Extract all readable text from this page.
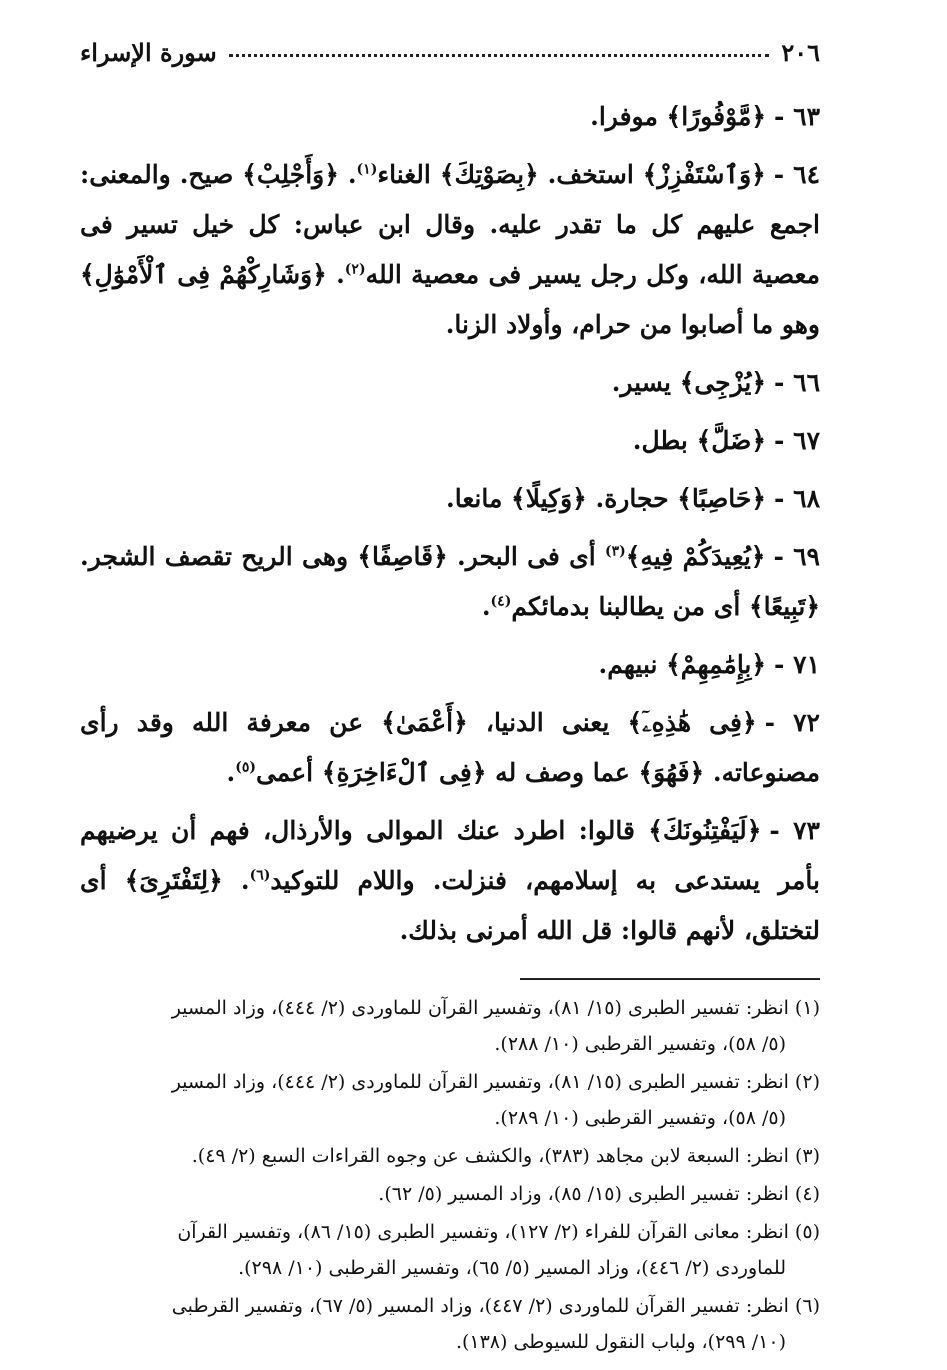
٢٠٦
سورة الإسراء
٦٣ -﴿مَّوْفُورًا﴾ موفرا.
٦٤ -﴿وَٱسْتَفْزِزْ﴾ استخف. ﴿بِصَوْتِكَ﴾ الغناء$^{(١)}$. ﴿وَأَجْلِبْ﴾ صيح. والمعنى: اجمع عليهم كل ما تقدر عليه. وقال ابن عباس: كل خيل تسير فى معصية الله، وكل رجل يسير فى معصية الله$^{(٢)}$. ﴿وَشَارِكْهُمْ فِى ٱلْأَمْوَٰلِ﴾ وهو ما أصابوا من حرام، وأولاد الزنا.
٦٦ -﴿يُزْجِى﴾ يسير.
٦٧ -﴿ضَلَّ﴾ بطل.
٦٨ -﴿حَاصِبًا﴾ حجارة. ﴿وَكِيلًا﴾ مانعا.
٦٩ -﴿يُعِيدَكُمْ فِيهِ﴾$^{(٣)}$ أى فى البحر. ﴿قَاصِفًا﴾ وهى الريح تقصف الشجر. ﴿تَبِيعًا﴾ أى من يطالبنا بدمائكم$^{(٤)}$.
٧١ -﴿بِإِمَٰمِهِمْ﴾ نبيهم.
٧٢ -﴿فِى هَٰذِهِۦٓ﴾ يعنى الدنيا، ﴿أَعْمَىٰ﴾ عن معرفة الله وقد رأى مصنوعاته. ﴿فَهُوَ﴾ عما وصف له ﴿فِى ٱلْءَاخِرَةِ﴾ أعمى$^{(٥)}$.
٧٣ -﴿لَيَفْتِنُونَكَ﴾ قالوا: اطرد عنك الموالى والأرذال، فهم أن يرضيهم بأمر يستدعى به إسلامهم، فنزلت. واللام للتوكيد$^{(٦)}$. ﴿لِتَفْتَرِىَ﴾ أى لتختلق، لأنهم قالوا: قل الله أمرنى بذلك.
(١) انظر: تفسير الطبرى (١٥/ ٨١)، وتفسير القرآن للماوردى (٢/ ٤٤٤)، وزاد المسير
(٥/ ٥٨)، وتفسير القرطبى (١٠/ ٢٨٨).
(٢) انظر: تفسير الطبرى (١٥/ ٨١)، وتفسير القرآن للماوردى (٢/ ٤٤٤)، وزاد المسير
(٥/ ٥٨)، وتفسير القرطبى (١٠/ ٢٨٩).
(٣) انظر: السبعة لابن مجاهد (٣٨٣)، والكشف عن وجوه القراءات السبع (٢/ ٤٩).
(٤) انظر: تفسير الطبرى (١٥/ ٨٥)، وزاد المسير (٥/ ٦٢).
(٥) انظر: معانى القرآن للفراء (٢/ ١٢٧)، وتفسير الطبرى (١٥/ ٨٦)، وتفسير القرآن
للماوردى (٢/ ٤٤٦)، وزاد المسير (٥/ ٦٥)، وتفسير القرطبى (١٠/ ٢٩٨).
(٦) انظر: تفسير القرآن للماوردى (٢/ ٤٤٧)، وزاد المسير (٥/ ٦٧)، وتفسير القرطبى
(١٠/ ٢٩٩)، ولباب النقول للسيوطى (١٣٨).
